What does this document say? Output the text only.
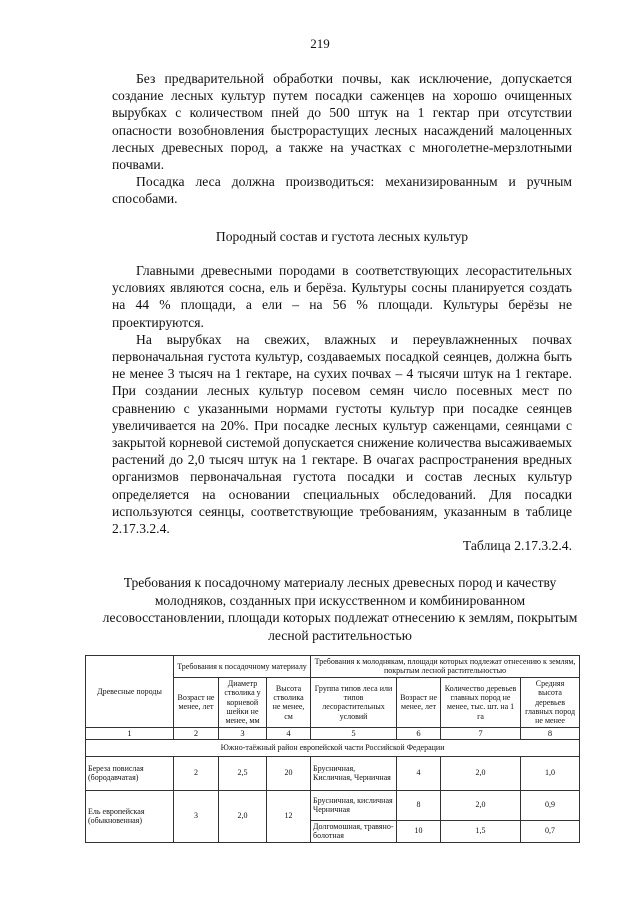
219

Без предварительной обработки почвы, как исключение, допускается создание лесных культур путем посадки саженцев на хорошо очищенных вырубках с количеством пней до 500 штук на 1 гектар при отсутствии опасности возобновления быстрорастущих лесных насаждений малоценных лесных древесных пород, а также на участках с многолетне-мерзлотными почвами.

Посадка леса должна производиться: механизированным и ручным способами.

Породный состав и густота лесных культур

Главными древесными породами в соответствующих лесорастительных условиях являются сосна, ель и берёза. Культуры сосны планируется создать на 44 % площади, а ели – на 56 % площади. Культуры берёзы не проектируются.

На вырубках на свежих, влажных и переувлажненных почвах первоначальная густота культур, создаваемых посадкой сеянцев, должна быть не менее 3 тысяч на 1 гектаре, на сухих почвах – 4 тысячи штук на 1 гектаре. При создании лесных культур посевом семян число посевных мест по сравнению с указанными нормами густоты культур при посадке сеянцев увеличивается на 20%. При посадке лесных культур саженцами, сеянцами с закрытой корневой системой допускается снижение количества высаживаемых растений до 2,0 тысяч штук на 1 гектаре. В очагах распространения вредных организмов первоначальная густота посадки и состав лесных культур определяется на основании специальных обследований. Для посадки используются сеянцы, соответствующие требованиям, указанным в таблице 2.17.3.2.4.

Таблица 2.17.3.2.4.
Требования к посадочному материалу лесных древесных пород и качеству молодняков, созданных при искусственном и комбинированном лесовосстановлении, площади которых подлежат отнесению к землям, покрытым лесной растительностью
Древесные породы	Требования к посадочному материалу			Требования к молоднякам, площади которых подлежат отнесению к землям, покрытым лесной растительностью			
	Возраст не менее, лет	Диаметр стволика у корневой шейки не менее, мм	Высота стволика не менее, см	Группа типов леса или типов лесорастительных условий	Возраст не менее, лет	Количество деревьев главных пород не менее, тыс. шт. на 1 га	Средняя высота деревьев главных пород не менее
1	2	3	4	5	6	7	8
Южно-таёжный район европейской части Российской Федерации							
Береза повислая (бородавчатая)	2	2,5	20	Брусничная, Кисличная, Черничная	4	2,0	1,0
Ель европейская (обыкновенная)	3	2,0	12	Брусничная, кисличная Черничная	8	2,0	0,9
				Долгомошная, травяно-болотная	10	1,5	0,7
